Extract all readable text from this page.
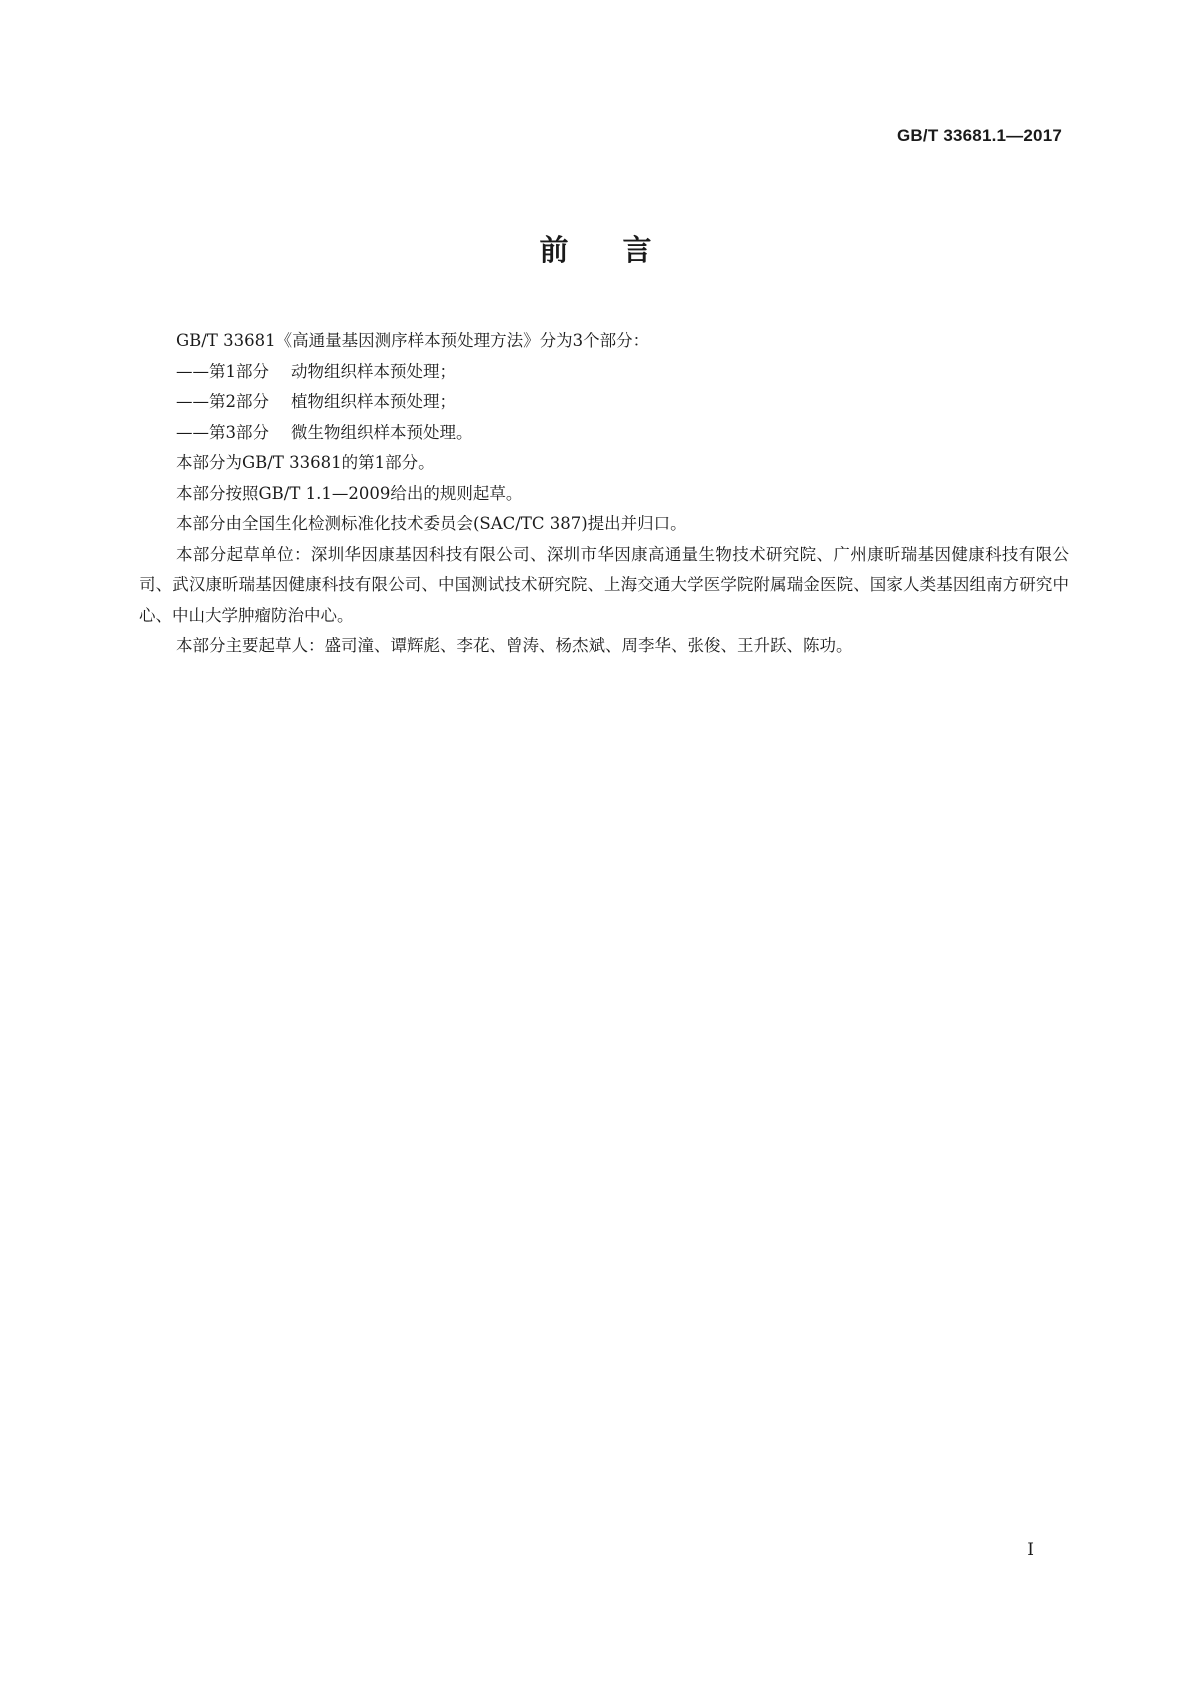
GB/T 33681.1—2017
前言

GB/T 33681《高通量基因测序样本预处理方法》分为3个部分：

——第1部分 动物组织样本预处理；

——第2部分 植物组织样本预处理；

——第3部分 微生物组织样本预处理。

本部分为GB/T 33681的第1部分。

本部分按照GB/T 1.1—2009给出的规则起草。

本部分由全国生化检测标准化技术委员会(SAC/TC 387)提出并归口。

本部分起草单位：深圳华因康基因科技有限公司、深圳市华因康高通量生物技术研究院、广州康昕瑞基因健康科技有限公司、武汉康昕瑞基因健康科技有限公司、中国测试技术研究院、上海交通大学医学院附属瑞金医院、国家人类基因组南方研究中心、中山大学肿瘤防治中心。

本部分主要起草人：盛司潼、谭辉彪、李花、曾涛、杨杰斌、周李华、张俊、王升跃、陈功。

I
